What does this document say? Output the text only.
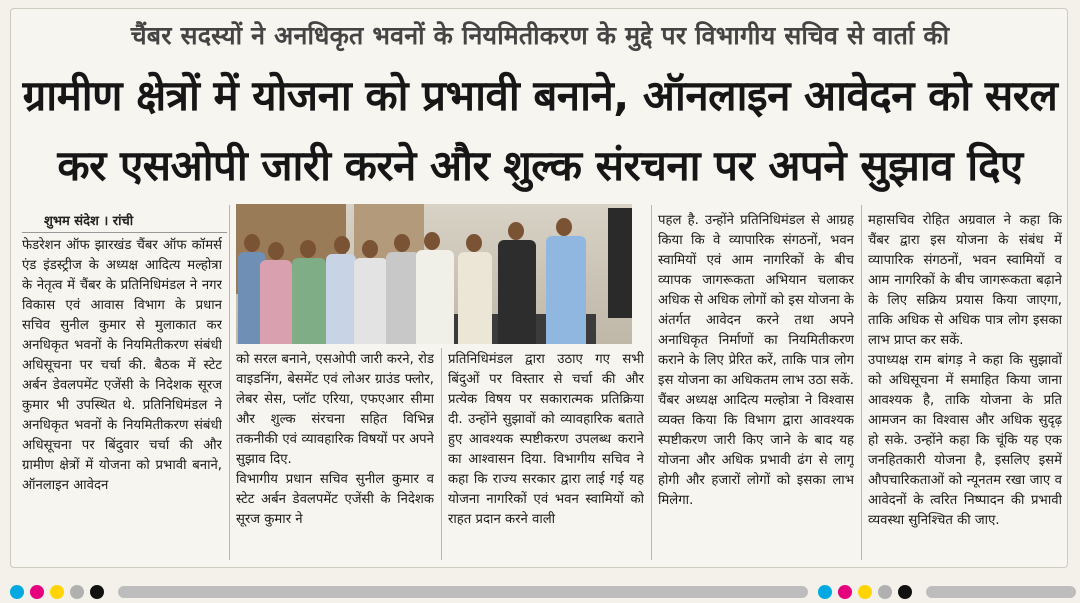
चैंबर सदस्यों ने अनधिकृत भवनों के नियमितीकरण के मुद्दे पर विभागीय सचिव से वार्ता की
ग्रामीण क्षेत्रों में योजना को प्रभावी बनाने, ऑनलाइन आवेदन को सरल
कर एसओपी जारी करने और शुल्क संरचना पर अपने सुझाव दिए
शुभम संदेश । रांची

फेडरेशन ऑफ झारखंड चैंबर ऑफ कॉमर्स एंड इंडस्ट्रीज के अध्यक्ष आदित्य मल्होत्रा के नेतृत्व में चैंबर के प्रतिनिधिमंडल ने नगर विकास एवं आवास विभाग के प्रधान सचिव सुनील कुमार से मुलाकात कर अनधिकृत भवनों के नियमितीकरण संबंधी अधिसूचना पर चर्चा की. बैठक में स्टेट अर्बन डेवलपमेंट एजेंसी के निदेशक सूरज कुमार भी उपस्थित थे. प्रतिनिधिमंडल ने अनधिकृत भवनों के नियमितीकरण संबंधी अधिसूचना पर बिंदुवार चर्चा की और ग्रामीण क्षेत्रों में योजना को प्रभावी बनाने, ऑनलाइन आवेदन

को सरल बनाने, एसओपी जारी करने, रोड वाइडनिंग, बेसमेंट एवं लोअर ग्राउंड फ्लोर, लेबर सेस, प्लॉट एरिया, एफएआर सीमा और शुल्क संरचना सहित विभिन्न तकनीकी एवं व्यावहारिक विषयों पर अपने सुझाव दिए.

विभागीय प्रधान सचिव सुनील कुमार व स्टेट अर्बन डेवलपमेंट एजेंसी के निदेशक सूरज कुमार ने

प्रतिनिधिमंडल द्वारा उठाए गए सभी बिंदुओं पर विस्तार से चर्चा की और प्रत्येक विषय पर सकारात्मक प्रतिक्रिया दी. उन्होंने सुझावों को व्यावहारिक बताते हुए आवश्यक स्पष्टीकरण उपलब्ध कराने का आश्वासन दिया. विभागीय सचिव ने कहा कि राज्य सरकार द्वारा लाई गई यह योजना नागरिकों एवं भवन स्वामियों को राहत प्रदान करने वाली

पहल है. उन्होंने प्रतिनिधिमंडल से आग्रह किया कि वे व्यापारिक संगठनों, भवन स्वामियों एवं आम नागरिकों के बीच व्यापक जागरूकता अभियान चलाकर अधिक से अधिक लोगों को इस योजना के अंतर्गत आवेदन करने तथा अपने अनाधिकृत निर्माणों का नियमितीकरण कराने के लिए प्रेरित करें, ताकि पात्र लोग इस योजना का अधिकतम लाभ उठा सकें.

चैंबर अध्यक्ष आदित्य मल्होत्रा ने विश्वास व्यक्त किया कि विभाग द्वारा आवश्यक स्पष्टीकरण जारी किए जाने के बाद यह योजना और अधिक प्रभावी ढंग से लागू होगी और हजारों लोगों को इसका लाभ मिलेगा.

महासचिव रोहित अग्रवाल ने कहा कि चैंबर द्वारा इस योजना के संबंध में व्यापारिक संगठनों, भवन स्वामियों व आम नागरिकों के बीच जागरूकता बढ़ाने के लिए सक्रिय प्रयास किया जाएगा, ताकि अधिक से अधिक पात्र लोग इसका लाभ प्राप्त कर सकें.

उपाध्यक्ष राम बांगड़ ने कहा कि सुझावों को अधिसूचना में समाहित किया जाना आवश्यक है, ताकि योजना के प्रति आमजन का विश्वास और अधिक सुदृढ़ हो सके. उन्होंने कहा कि चूंकि यह एक जनहितकारी योजना है, इसलिए इसमें औपचारिकताओं को न्यूनतम रखा जाए व आवेदनों के त्वरित निष्पादन की प्रभावी व्यवस्था सुनिश्चित की जाए.
